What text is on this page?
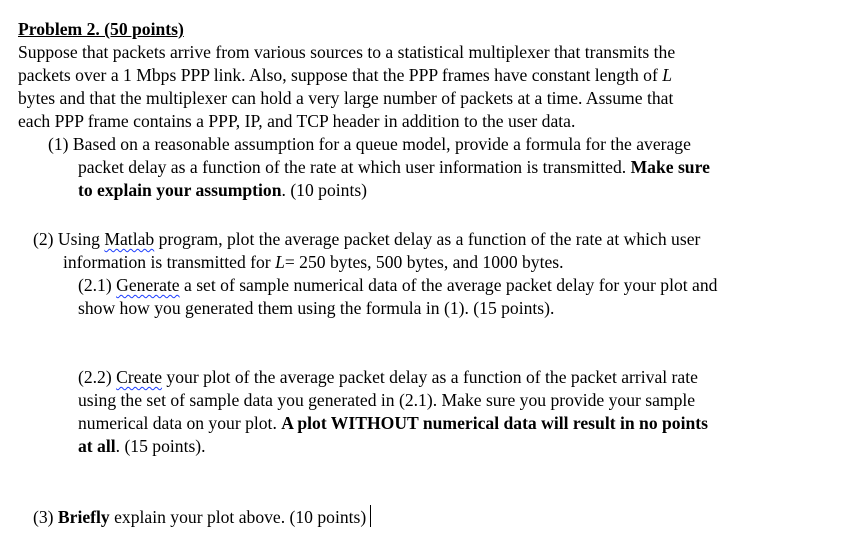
Problem 2. (50 points)
Suppose that packets arrive from various sources to a statistical multiplexer that transmits the
packets over a 1 Mbps PPP link. Also, suppose that the PPP frames have constant length of L
bytes and that the multiplexer can hold a very large number of packets at a time. Assume that
each PPP frame contains a PPP, IP, and TCP header in addition to the user data.
(1) Based on a reasonable assumption for a queue model, provide a formula for the average
packet delay as a function of the rate at which user information is transmitted. Make sure
to explain your assumption. (10 points)
(2) Using Matlab program, plot the average packet delay as a function of the rate at which user
information is transmitted for L= 250 bytes, 500 bytes, and 1000 bytes.
(2.1) Generate a set of sample numerical data of the average packet delay for your plot and
show how you generated them using the formula in (1). (15 points).
(2.2) Create your plot of the average packet delay as a function of the packet arrival rate
using the set of sample data you generated in (2.1). Make sure you provide your sample
numerical data on your plot. A plot WITHOUT numerical data will result in no points
at all. (15 points).
(3) Briefly explain your plot above. (10 points)
